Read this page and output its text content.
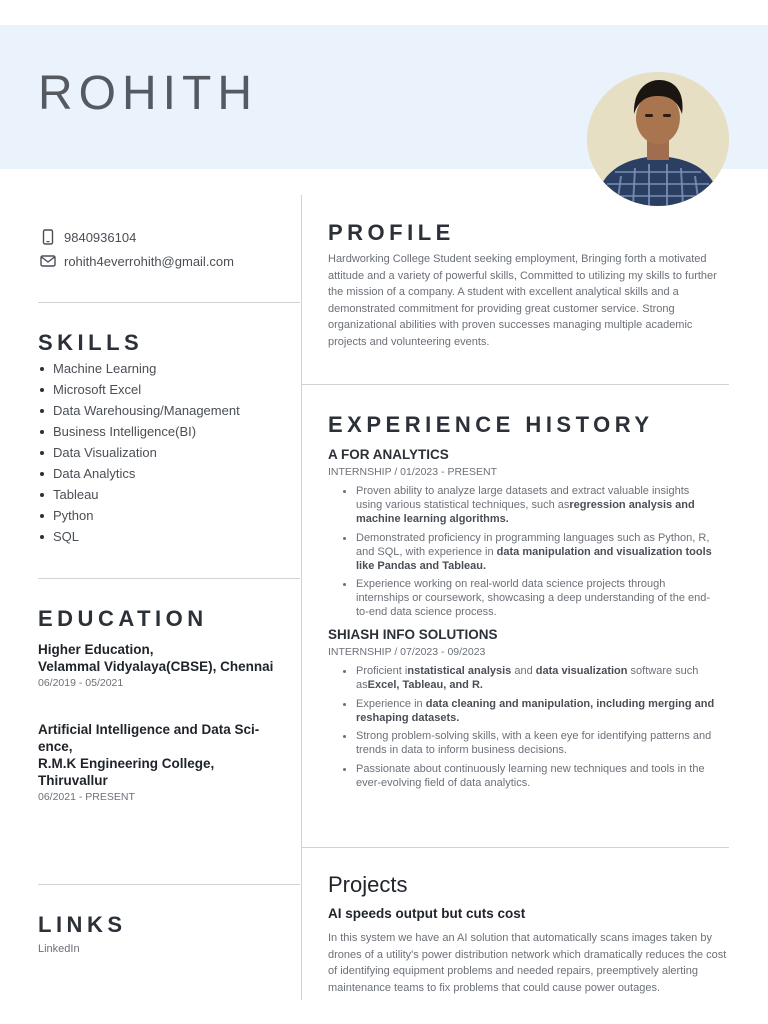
ROHITH
9840936104
rohith4everrohith@gmail.com
SKILLS
Machine Learning
Microsoft Excel
Data Warehousing/Management
Business Intelligence(BI)
Data Visualization
Data Analytics
Tableau
Python
SQL
EDUCATION
Higher Education,
Velammal Vidyalaya(CBSE), Chennai
06/2019 - 05/2021
Artificial Intelligence and Data Sci-
ence,
R.M.K Engineering College,
Thiruvallur
06/2021 - PRESENT
LINKS
LinkedIn
PROFILE
Hardworking College Student seeking employment, Bringing forth a motivated attitude and a variety of powerful skills, Committed to utilizing my skills to further the mission of a company. A student with excellent analytical skills and a demonstrated commitment for providing great customer service. Strong organizational abilities with proven successes managing multiple academic projects and volunteering events.
EXPERIENCE HISTORY
A FOR ANALYTICS
INTERNSHIP / 01/2023 - PRESENT
Proven ability to analyze large datasets and extract valuable insights using various statistical techniques, such asregression analysis and machine learning algorithms.
Demonstrated proficiency in programming languages such as Python, R, and SQL, with experience in data manipulation and visualization tools like Pandas and Tableau.
Experience working on real-world data science projects through internships or coursework, showcasing a deep understanding of the end-to-end data science process.
SHIASH INFO SOLUTIONS
INTERNSHIP / 07/2023 - 09/2023
Proficient instatistical analysis and data visualization software such asExcel, Tableau, and R.
Experience in data cleaning and manipulation, including merging and reshaping datasets.
Strong problem-solving skills, with a keen eye for identifying patterns and trends in data to inform business decisions.
Passionate about continuously learning new techniques and tools in the ever-evolving field of data analytics.
Projects
AI speeds output but cuts cost
In this system we have an AI solution that automatically scans images taken by drones of a utility's power distribution network which dramatically reduces the cost of identifying equipment problems and needed repairs, preemptively alerting maintenance teams to fix problems that could cause power outages.
